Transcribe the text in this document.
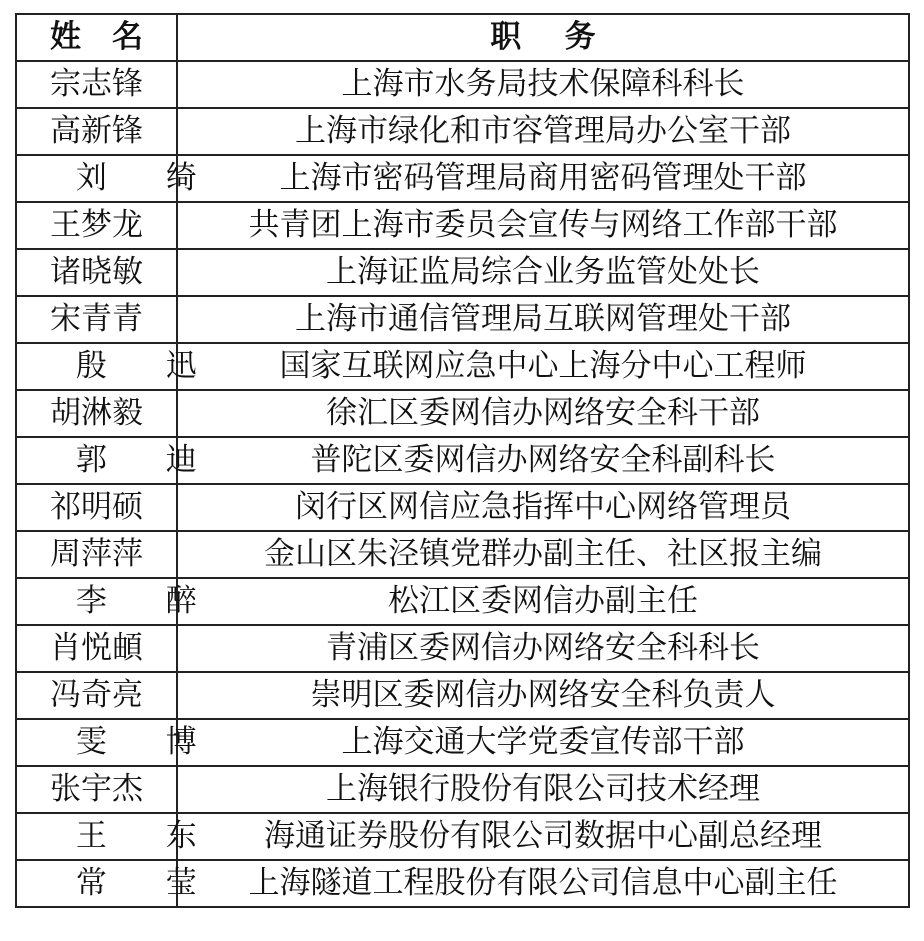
姓名	职务
宗志锋	上海市水务局技术保障科科长
高新锋	上海市绿化和市容管理局办公室干部
刘绮	上海市密码管理局商用密码管理处干部
王梦龙	共青团上海市委员会宣传与网络工作部干部
诸晓敏	上海证监局综合业务监管处处长
宋青青	上海市通信管理局互联网管理处干部
殷迅	国家互联网应急中心上海分中心工程师
胡淋毅	徐汇区委网信办网络安全科干部
郭迪	普陀区委网信办网络安全科副科长
祁明硕	闵行区网信应急指挥中心网络管理员
周萍萍	金山区朱泾镇党群办副主任、社区报主编
李醉	松江区委网信办副主任
肖悦頔	青浦区委网信办网络安全科科长
冯奇亮	崇明区委网信办网络安全科负责人
雯博	上海交通大学党委宣传部干部
张宇杰	上海银行股份有限公司技术经理
王东	海通证券股份有限公司数据中心副总经理
常莹	上海隧道工程股份有限公司信息中心副主任
